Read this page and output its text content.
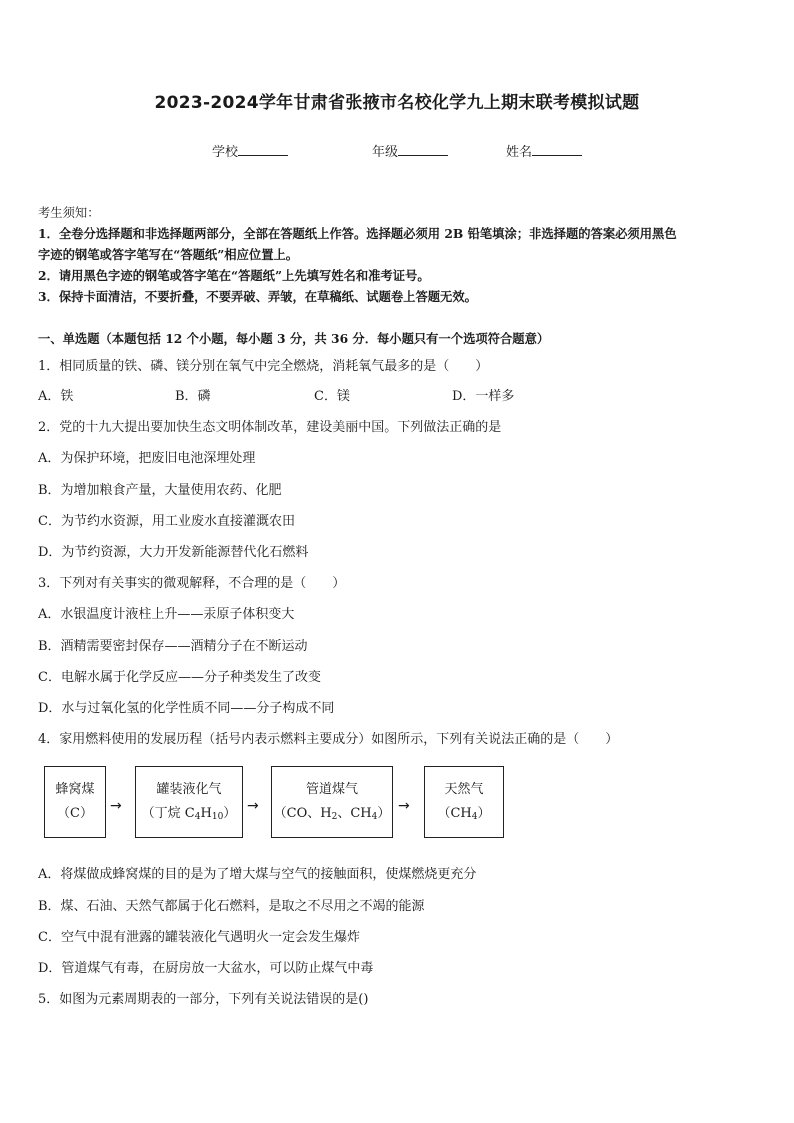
2023-2024学年甘肃省张掖市名校化学九上期末联考模拟试题
学校	年级	姓名
考生须知：
1．全卷分选择题和非选择题两部分，全部在答题纸上作答。选择题必须用 2B 铅笔填涂；非选择题的答案必须用黑色
字迹的钢笔或答字笔写在“答题纸”相应位置上。
2．请用黑色字迹的钢笔或答字笔在“答题纸”上先填写姓名和准考证号。
3．保持卡面清洁，不要折叠，不要弄破、弄皱，在草稿纸、试题卷上答题无效。
一、单选题（本题包括 12 个小题，每小题 3 分，共 36 分．每小题只有一个选项符合题意）
1．相同质量的铁、磷、镁分别在氧气中完全燃烧，消耗氧气最多的是（　　）
A．铁	B．磷	C．镁	D．一样多
2．党的十九大提出要加快生态文明体制改革，建设美丽中国。下列做法正确的是
A．为保护环境，把废旧电池深埋处理
B．为增加粮食产量，大量使用农药、化肥
C．为节约水资源，用工业废水直接灌溉农田
D．为节约资源，大力开发新能源替代化石燃料
3．下列对有关事实的微观解释，不合理的是（　　）
A．水银温度计液柱上升——汞原子体积变大
B．酒精需要密封保存——酒精分子在不断运动
C．电解水属于化学反应——分子种类发生了改变
D．水与过氧化氢的化学性质不同——分子构成不同
4．家用燃料使用的发展历程（括号内表示燃料主要成分）如图所示，下列有关说法正确的是（　　）
蜂窝煤
（C） →
罐装液化气
（丁烷 $C_4H_{10}$） →
管道煤气
（CO、$H_2$、$CH_4$） →
天然气
$(CH_4)$
A．将煤做成蜂窝煤的目的是为了增大煤与空气的接触面积，使煤燃烧更充分
B．煤、石油、天然气都属于化石燃料，是取之不尽用之不竭的能源
C．空气中混有泄露的罐装液化气遇明火一定会发生爆炸
D．管道煤气有毒，在厨房放一大盆水，可以防止煤气中毒
5．如图为元素周期表的一部分，下列有关说法错误的是()
